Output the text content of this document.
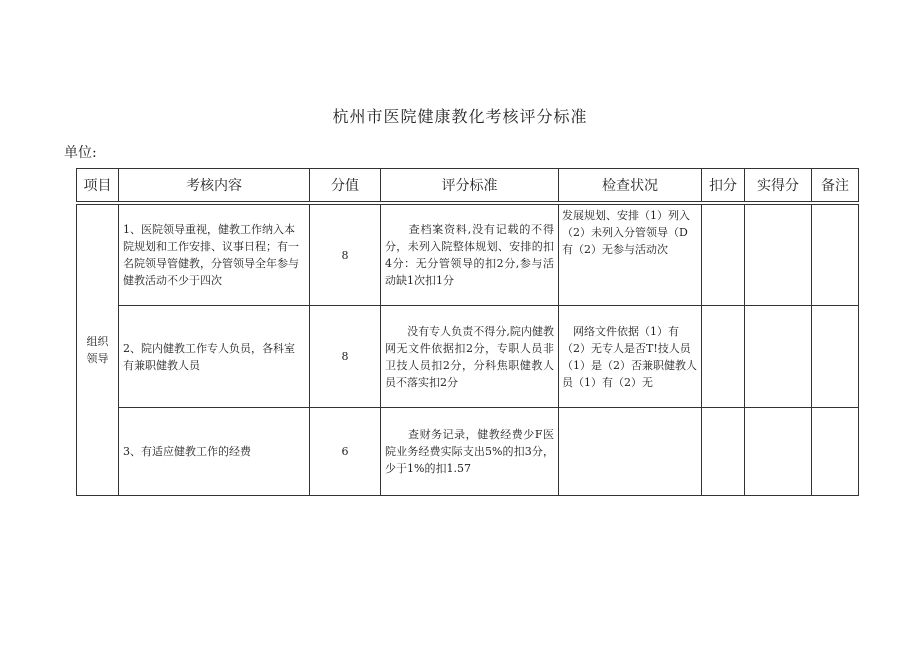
杭州市医院健康教化考核评分标准
单位:
项目	考核内容	分值	评分标准	检查状况	扣分	实得分	备注

组织
领导	1、医院领导重视，健教工作纳入本院规划和工作安排、议事日程；有一名院领导管健教，分管领导全年参与健教活动不少于四次	8	　　查档案资料,没有记载的不得分，未列入院整体规划、安排的扣4分：无分管领导的扣2分,参与活动缺1次扣1分	发展规划、安排（1）列入（2）未列入分管领导（D有（2）无参与活动次			
	2、院内健教工作专人负员，各科室有兼职健教人员	8	　　没有专人负责不得分,院内健教网无文件依据扣2分，专职人员非卫技人员扣2分，分科焦职健教人员不落实扣2分	　网络文件依据（1）有（2）无专人是否T!技人员　（1）是（2）否兼职健教人员（1）有（2）无			
	3、有适应健教工作的经费	6	　　查财务记录，健教经费少F医院业务经费实际支出5%的扣3分，少于1%的扣1.57				
